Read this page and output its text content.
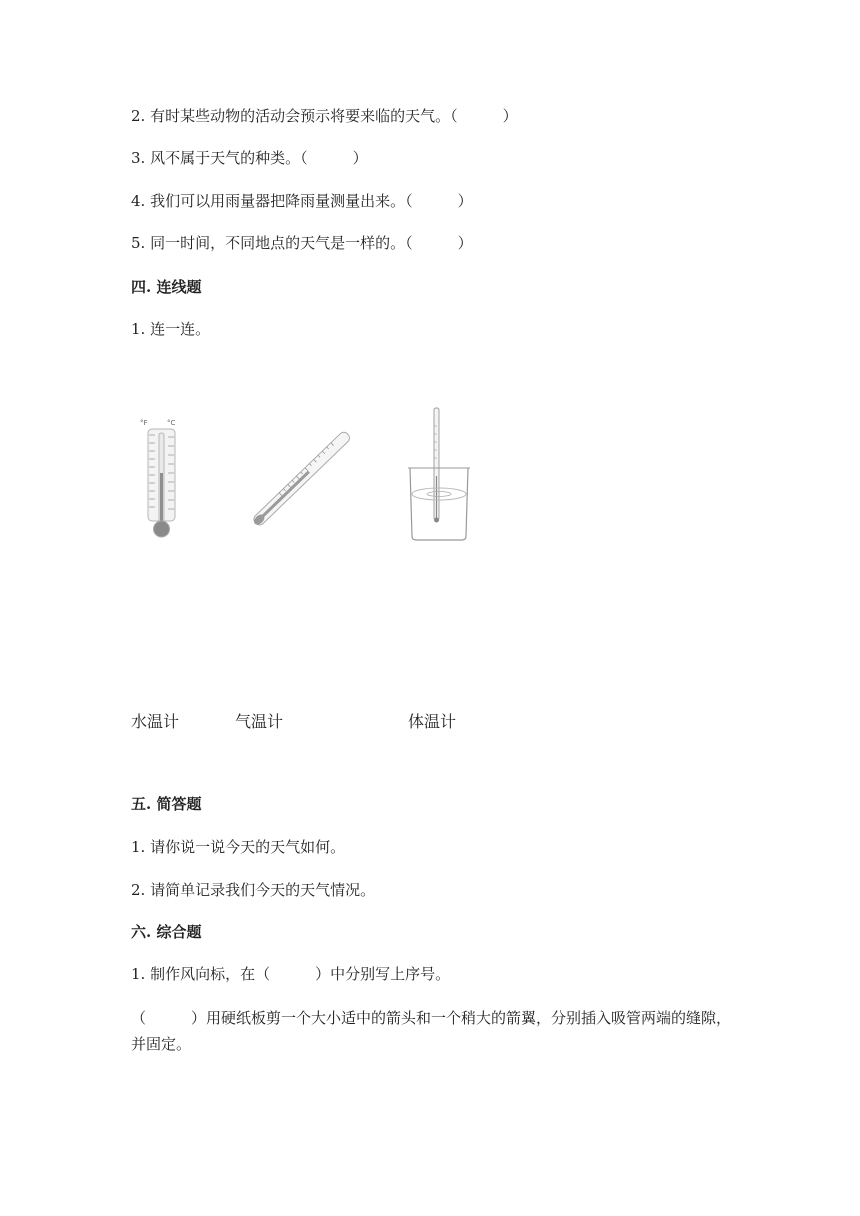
2. 有时某些动物的活动会预示将要来临的天气。（　　　）
3. 风不属于天气的种类。（　　　）
4. 我们可以用雨量器把降雨量测量出来。（　　　）
5. 同一时间，不同地点的天气是一样的。（　　　）
四. 连线题
1. 连一连。
°F	°C
水温计	气温计	体温计
五. 简答题
1. 请你说一说今天的天气如何。
2. 请简单记录我们今天的天气情况。
六. 综合题
1. 制作风向标，在（　　　）中分别写上序号。
（　　　）用硬纸板剪一个大小适中的箭头和一个稍大的箭翼，分别插入吸管两端的缝隙，并固定。
